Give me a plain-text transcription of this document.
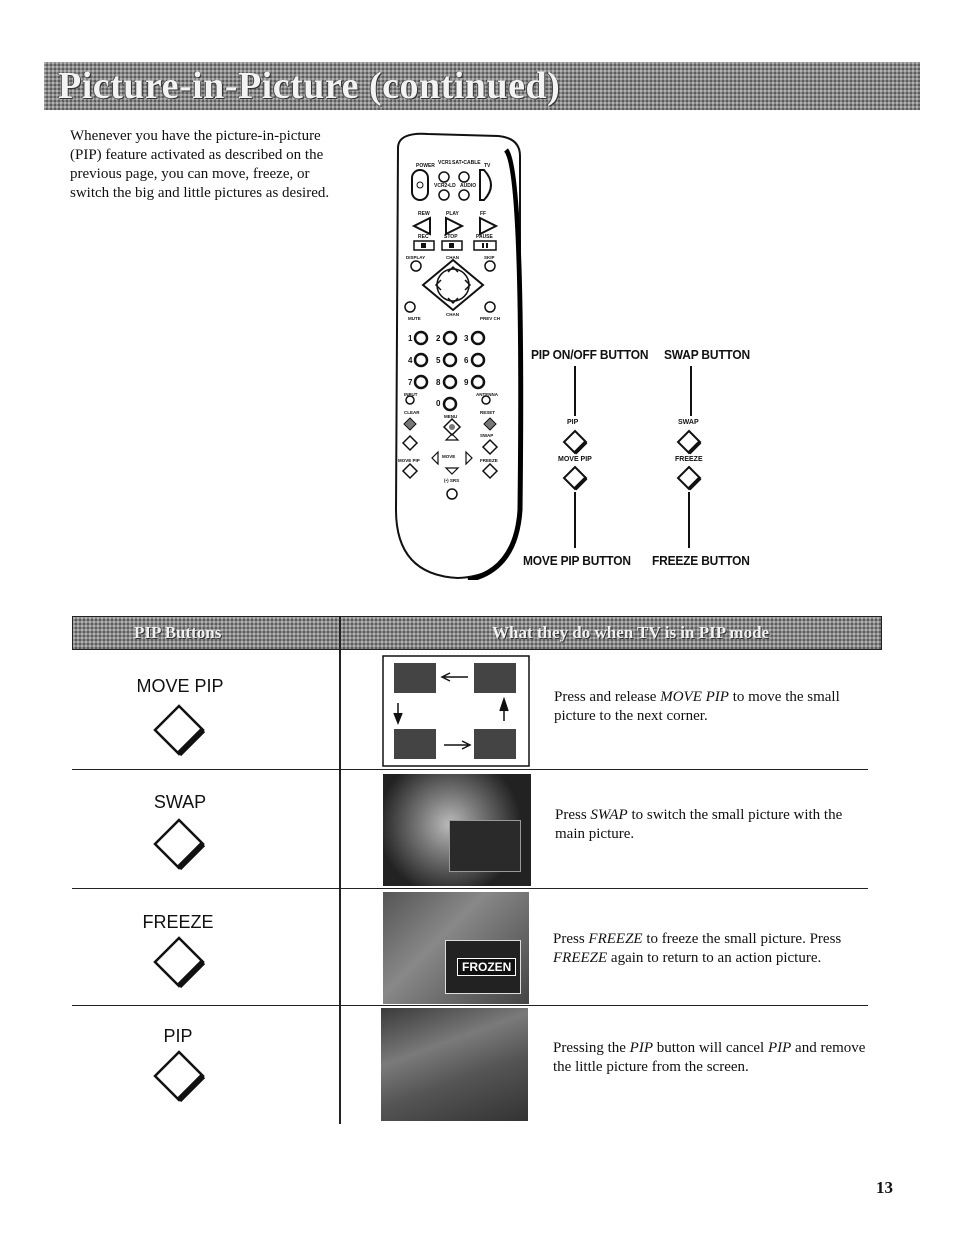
Picture-in-Picture (continued)
Whenever you have the picture-in-picture (PIP) feature activated as described on the previous page, you can move, freeze, or switch the big and little pictures as desired.
POWER VCR1 SAT•CABLE TV
VCR2•LD AUDIO
REW	PLAY	FF
REC	STOP	PAUSE
DISPLAY	CHAN	SKIP
MUTE
CHAN
PREV CH
1	2	3
4	5	6
7	8	9
0
INPUT	ANTENNA
CLEAR
MENU
RESET
SWAP
MOVE PIP
MOVE
FREEZE
(•) SRS
PIP ON/OFF BUTTON SWAP BUTTON
MOVE PIP BUTTON FREEZE BUTTON
PIP	SWAP
MOVE PIP	FREEZE
PIP Buttons	What they do when TV is in PIP mode
MOVE PIP
Press and release MOVE PIP to move the small picture to the next corner.
SWAP
Press SWAP to switch the small picture with the main picture.
FREEZE
FROZEN
Press FREEZE to freeze the small picture. Press FREEZE again to return to an action picture.
PIP
Pressing the PIP button will cancel PIP and remove the little picture from the screen.
13
